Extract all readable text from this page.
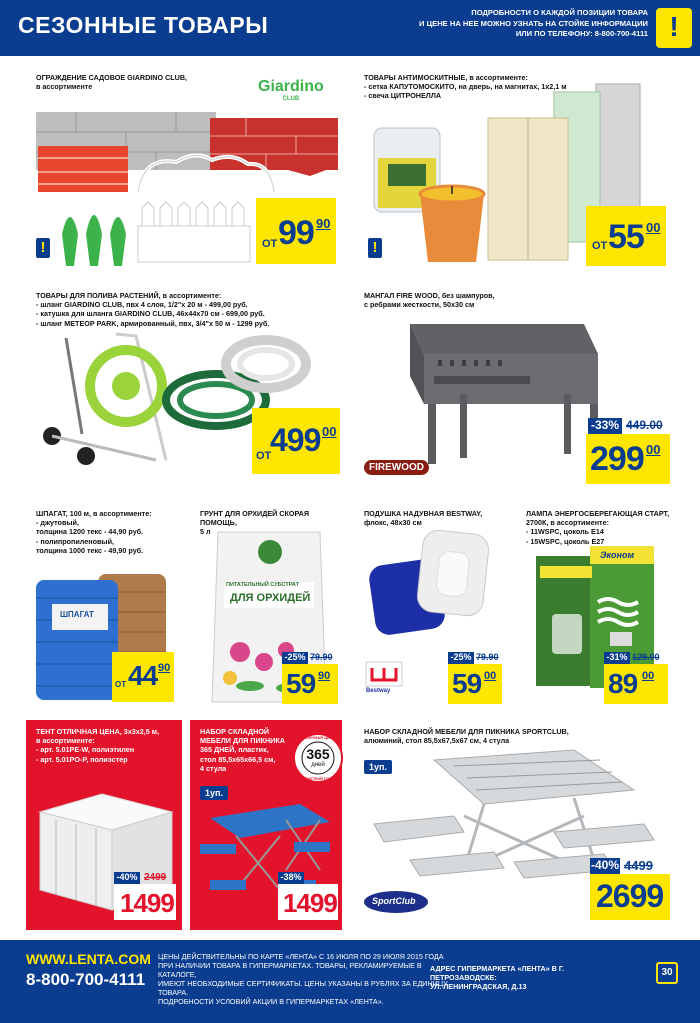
СЕЗОННЫЕ ТОВАРЫ	ПОДРОБНОСТИ О КАЖДОЙ ПОЗИЦИИ ТОВАРА
И ЦЕНЕ НА НЕЕ МОЖНО УЗНАТЬ НА СТОЙКЕ ИНФОРМАЦИИ
ИЛИ ПО ТЕЛЕФОНУ: 8-800-700-4111 !
ОГРАЖДЕНИЕ САДОВОЕ GIARDINO CLUB,
в ассортименте	Giardino
CLUB
!	ОТ 99 90
ТОВАРЫ АНТИМОСКИТНЫЕ, в ассортименте:
- сетка КАПУТОМОСКИТО, на дверь, на магнитах, 1х2,1 м
- свеча ЦИТРОНЕЛЛА
!	ОТ 55 00
ТОВАРЫ ДЛЯ ПОЛИВА РАСТЕНИЙ, в ассортименте:
- шланг GIARDINO CLUB, пвх 4 слоя, 1/2"х 20 м - 499,00 руб.
- катушка для шланга GIARDINO CLUB, 46х44х70 см - 699,00 руб.
- шланг МЕТЕОР PARK, армированный, пвх, 3/4"х 50 м - 1299 руб.
ОТ
499 00
МАНГАЛ FIRE WOOD, без шампуров,
с ребрами жесткости, 50х30 см
FIREWOOD
-33% 449.00
299 00
ШПАГАТ, 100 м, в ассортименте:
- джутовый,
толщина 1200 текс - 44,90 руб.
- полипропиленовый,
толщина 1000 текс - 49,90 руб.
ШПАГАТ
ОТ 44 90
ГРУНТ ДЛЯ ОРХИДЕЙ СКОРАЯ ПОМОЩЬ,
5 л
ПИТАТЕЛЬНЫЙ СУБСТРАТ
ДЛЯ ОРХИДЕЙ
-25% 79.90
59 90
ПОДУШКА НАДУВНАЯ BESTWAY,
флокс, 48х30 см
Bestway
-25% 79.90
59 00
ЛАМПА ЭНЕРГОСБЕРЕГАЮЩАЯ СТАРТ,
2700К, в ассортименте:
- 11WSPC, цоколь E14
- 15WSPC, цоколь E27
Эконом
-31% 129.00
89 00
ТЕНТ ОТЛИЧНАЯ ЦЕНА, 3х3х2,5 м,
в ассортименте:
- арт. 5.01PE-W, полиэтилен
- арт. 5.01PO-P, полиэстер
-40% 2499
1499
НАБОР СКЛАДНОЙ
МЕБЕЛИ ДЛЯ ПИКНИКА
365 ДНЕЙ, пластик,
стол 85,5х65х66,5 см,
4 стула
365
дней
ОТЛИЧНАЯ ЦЕНА
КРУГЛЫЙ ГОД
1уп.
-38% 2399
1499
НАБОР СКЛАДНОЙ МЕБЕЛИ ДЛЯ ПИКНИКА SPORTCLUB,
алюминий, стол 85,5х67,5х67 см, 4 стула
1уп.
SportClub
-40% 4499
2699
WWW.LENTA.COM
8-800-700-4111
ЦЕНЫ ДЕЙСТВИТЕЛЬНЫ ПО КАРТЕ «ЛЕНТА» С 16 ИЮЛЯ ПО 29 ИЮЛЯ 2015 ГОДА
ПРИ НАЛИЧИИ ТОВАРА В ГИПЕРМАРКЕТАХ. ТОВАРЫ, РЕКЛАМИРУЕМЫЕ В КАТАЛОГЕ,
ИМЕЮТ НЕОБХОДИМЫЕ СЕРТИФИКАТЫ. ЦЕНЫ УКАЗАНЫ В РУБЛЯХ ЗА ЕДИНИЦУ ТОВАРА.
ПОДРОБНОСТИ УСЛОВИЙ АКЦИИ В ГИПЕРМАРКЕТАХ «ЛЕНТА».
АДРЕС ГИПЕРМАРКЕТА «ЛЕНТА» В Г. ПЕТРОЗАВОДСКЕ:
УЛ. ЛЕНИНГРАДСКАЯ, Д.13
30
